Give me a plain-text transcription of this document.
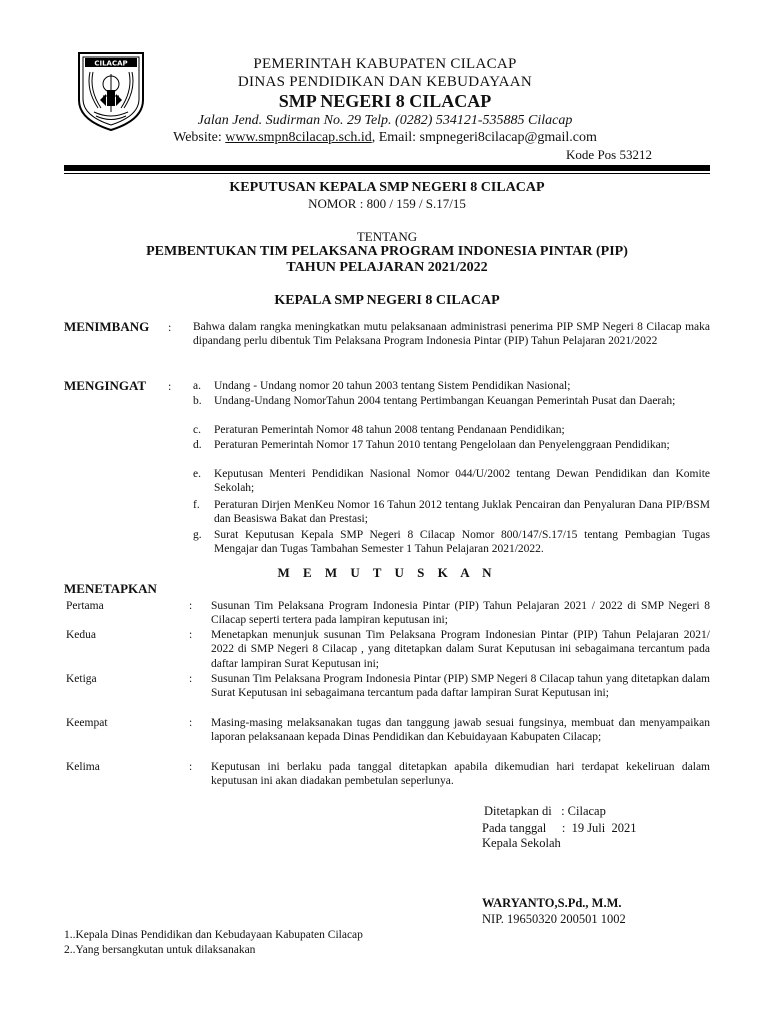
CILACAP	PEMERINTAH KABUPATEN CILACAP
DINAS PENDIDIKAN DAN KEBUDAYAAN
SMP NEGERI 8 CILACAP
Jalan Jend. Sudirman No. 29 Telp. (0282) 534121-535885 Cilacap
Website: www.smpn8cilacap.sch.id, Email: smpnegeri8cilacap@gmail.com
Kode Pos 53212
KEPUTUSAN KEPALA SMP NEGERI 8 CILACAP
NOMOR : 800 / 159 / S.17/15
TENTANG
PEMBENTUKAN TIM PELAKSANA PROGRAM INDONESIA PINTAR (PIP)
TAHUN PELAJARAN 2021/2022
KEPALA SMP NEGERI 8 CILACAP
MENIMBANG : Bahwa dalam rangka meningkatkan mutu pelaksanaan administrasi penerima PIP SMP Negeri 8 Cilacap maka dipandang perlu dibentuk Tim Pelaksana Program Indonesia Pintar (PIP) Tahun Pelajaran 2021/2022
MENGINGAT : a.	Undang - Undang nomor 20 tahun 2003 tentang Sistem Pendidikan Nasional;
b.	Undang-Undang NomorTahun 2004 tentang Pertimbangan Keuangan Pemerintah Pusat dan Daerah;
c.	Peraturan Pemerintah Nomor 48 tahun 2008 tentang Pendanaan Pendidikan;
d.	Peraturan Pemerintah Nomor 17 Tahun 2010 tentang Pengelolaan dan Penyelenggraan Pendidikan;
e.	Keputusan Menteri Pendidikan Nasional Nomor 044/U/2002 tentang Dewan Pendidikan dan Komite Sekolah;
f.	Peraturan Dirjen MenKeu Nomor 16 Tahun 2012 tentang Juklak Pencairan dan Penyaluran Dana PIP/BSM dan Beasiswa Bakat dan Prestasi;
g.	Surat Keputusan Kepala SMP Negeri 8 Cilacap Nomor 800/147/S.17/15 tentang Pembagian Tugas Mengajar dan Tugas Tambahan Semester 1 Tahun Pelajaran 2021/2022.
M E M U T U S K A N
MENETAPKAN
Pertama	: Susunan Tim Pelaksana Program Indonesia Pintar (PIP) Tahun Pelajaran 2021 / 2022 di SMP Negeri 8 Cilacap seperti tertera pada lampiran keputusan ini;
Kedua	: Menetapkan menunjuk susunan Tim Pelaksana Program Indonesian Pintar (PIP) Tahun Pelajaran 2021/ 2022 di SMP Negeri 8 Cilacap , yang ditetapkan dalam Surat Keputusan ini sebagaimana tercantum pada daftar lampiran Surat Keputusan ini;
Ketiga	: Susunan Tim Pelaksana Program Indonesia Pintar (PIP) SMP Negeri 8 Cilacap tahun yang ditetapkan dalam Surat Keputusan ini sebagaimana tercantum pada daftar lampiran Surat Keputusan ini;
Keempat	: Masing-masing melaksanakan tugas dan tanggung jawab sesuai fungsinya, membuat dan menyampaikan laporan pelaksanaan kepada Dinas Pendidikan dan Kebuidayaan Kabupaten Cilacap;
Kelima	: Keputusan ini berlaku pada tanggal ditetapkan apabila dikemudian hari terdapat kekeliruan dalam keputusan ini akan diadakan pembetulan seperlunya.
Ditetapkan di   : Cilacap
Pada tanggal     :  19 Juli  2021
Kepala Sekolah
WARYANTO,S.Pd., M.M.
NIP. 19650320 200501 1002
1..Kepala Dinas Pendidikan dan Kebudayaan Kabupaten Cilacap
2..Yang bersangkutan untuk dilaksanakan
